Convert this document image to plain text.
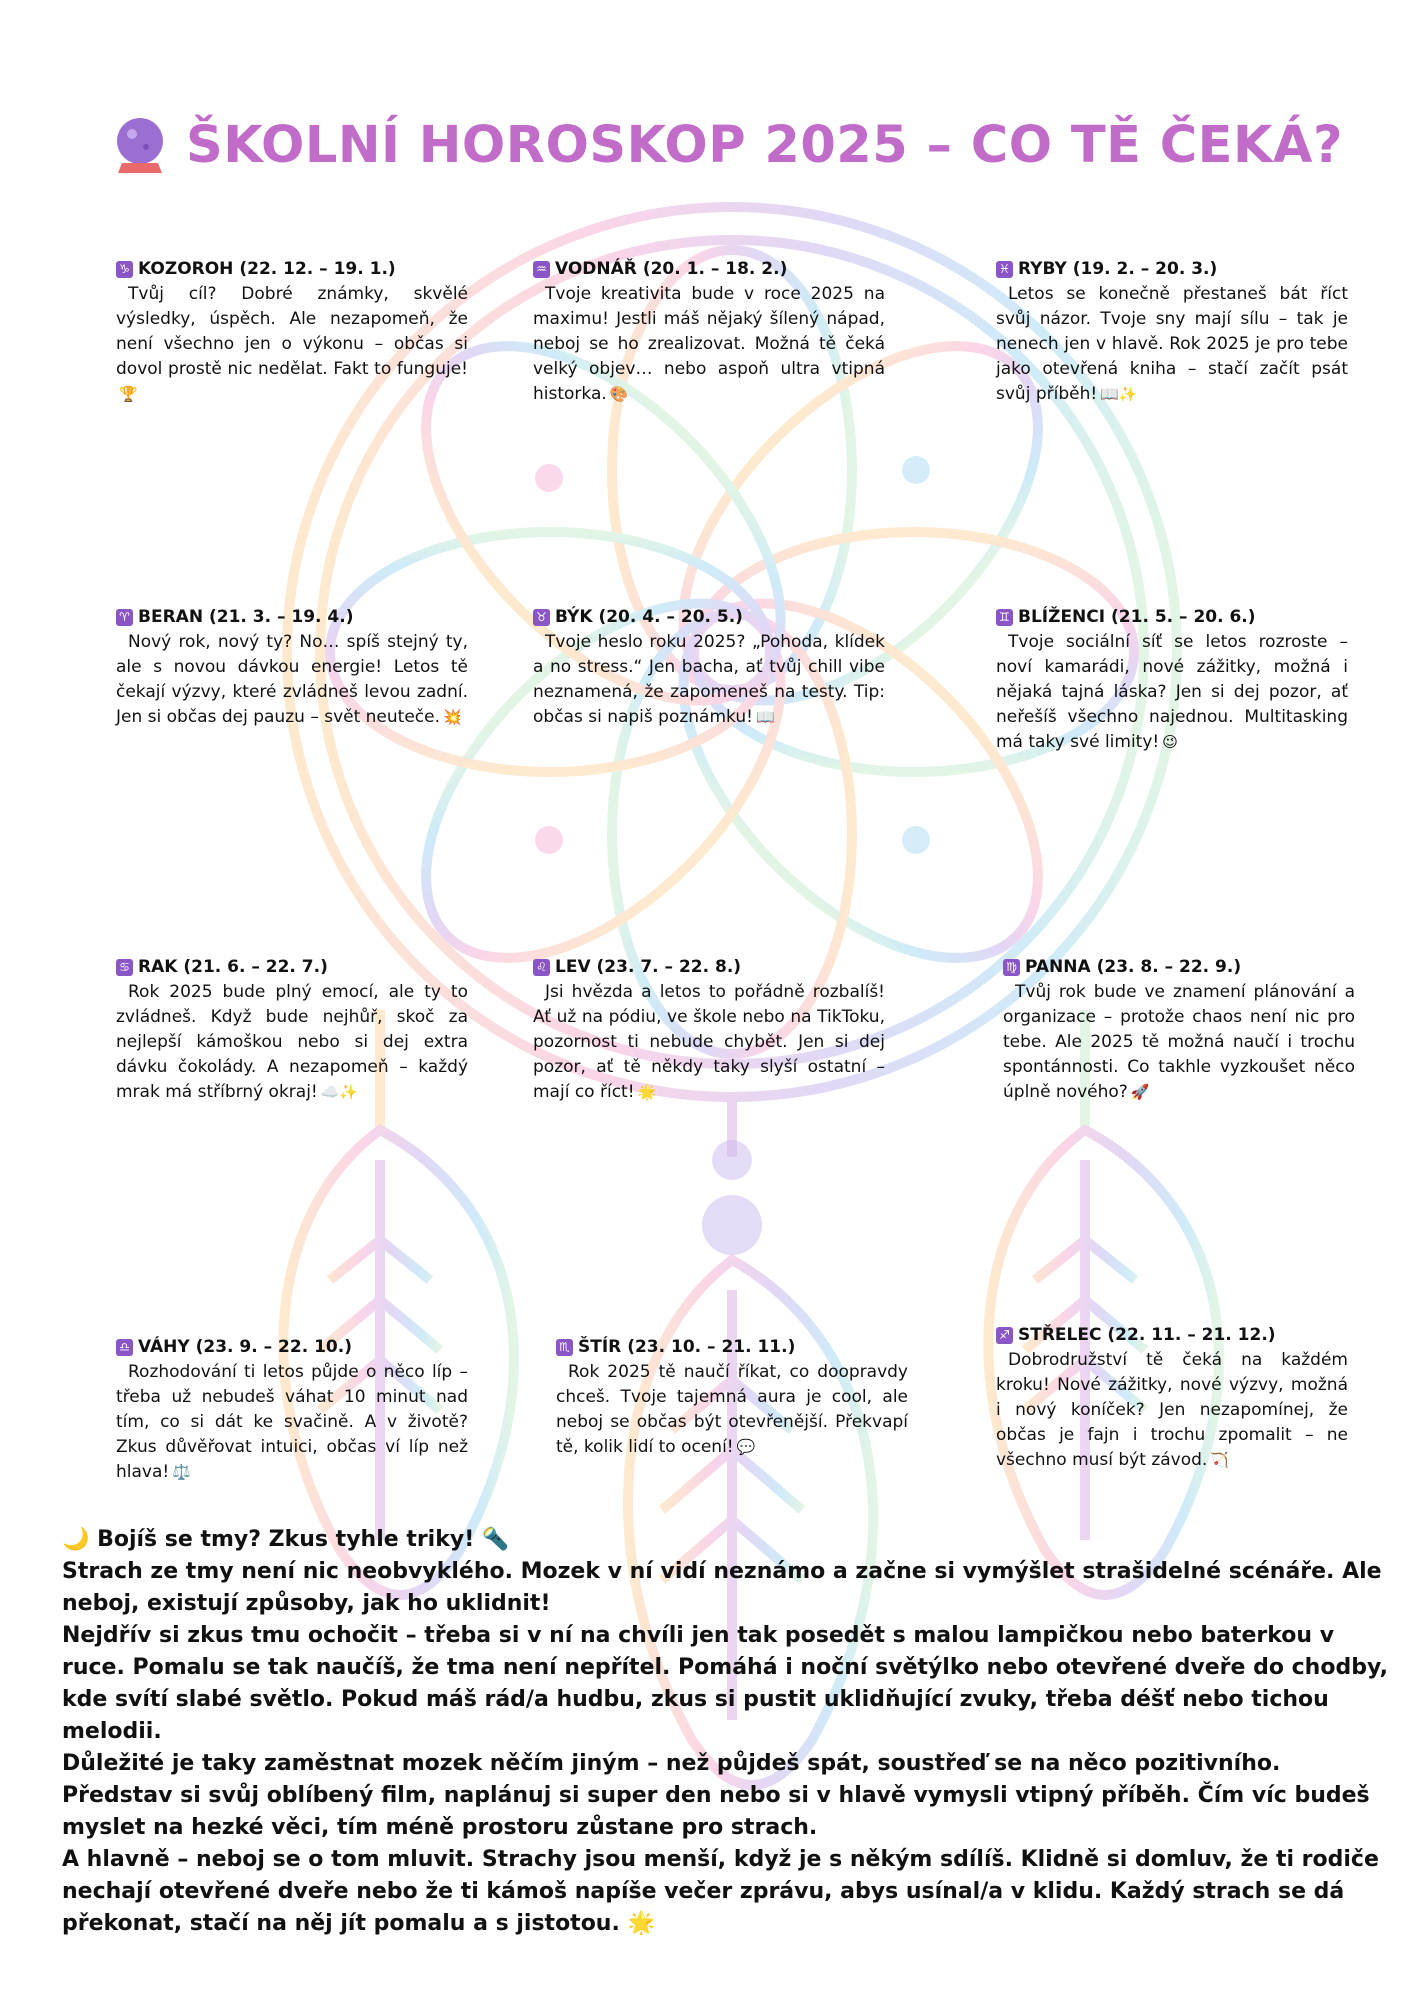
ŠKOLNÍ HOROSKOP 2025 – CO TĚ ČEKÁ?
♑ KOZOROH
(22. 12. – 19. 1.)
Tvůj cíl? Dobré známky, skvělé výsledky, úspěch. Ale nezapomeň, že není všechno jen o výkonu – občas si dovol prostě nic nedělat. Fakt to funguje!🏆
♒ VODNÁŘ
(20. 1. – 18. 2.)
Tvoje kreativita bude v roce 2025 na maximu! Jestli máš nějaký šílený nápad, neboj se ho zrealizovat. Možná tě čeká velký objev… nebo aspoň ultra vtipná historka. 🎨
♓ RYBY
(19. 2. – 20. 3.)
Letos se konečně přestaneš bát říct svůj názor. Tvoje sny mají sílu – tak je nenech jen v hlavě. Rok 2025 je pro tebe jako otevřená kniha – stačí začít psát svůj příběh! 📖✨
♈ BERAN
(21. 3. – 19. 4.)
Nový rok, nový ty? No… spíš stejný ty, ale s novou dávkou energie! Letos tě čekají výzvy, které zvládneš levou zadní. Jen si občas dej pauzu – svět neuteče. 💥
♉ BÝK
(20. 4. – 20. 5.)
Tvoje heslo roku 2025? „Pohoda, klídek a no stress.“ Jen bacha, ať tvůj chill vibe neznamená, že zapomeneš na testy. Tip: občas si napiš poznámku! 📖
♊ BLÍŽENCI
(21. 5. – 20. 6.)
Tvoje sociální síť se letos rozroste – noví kamarádi, nové zážitky, možná i nějaká tajná láska? Jen si dej pozor, ať neřešíš všechno najednou. Multitasking má taky své limity! 😉
♋ RAK
(21. 6. – 22. 7.)
Rok 2025 bude plný emocí, ale ty to zvládneš. Když bude nejhůř, skoč za nejlepší kámoškou nebo si dej extra dávku čokolády. A nezapomeň – každý mrak má stříbrný okraj! ☁️✨
♌ LEV
(23. 7. – 22. 8.)
Jsi hvězda a letos to pořádně rozbalíš! Ať už na pódiu, ve škole nebo na TikToku, pozornost ti nebude chybět. Jen si dej pozor, ať tě někdy taky slyší ostatní – mají co říct! 🌟
♍ PANNA
(23. 8. – 22. 9.)
Tvůj rok bude ve znamení plánování a organizace – protože chaos není nic pro tebe. Ale 2025 tě možná naučí i trochu spontánnosti. Co takhle vyzkoušet něco úplně nového? 🚀
♎ VÁHY
(23. 9. – 22. 10.)
Rozhodování ti letos půjde o něco líp – třeba už nebudeš váhat 10 minut nad tím, co si dát ke svačině. A v životě? Zkus důvěřovat intuici, občas ví líp než hlava! ⚖️
♏ ŠTÍR
(23. 10. – 21. 11.)
Rok 2025 tě naučí říkat, co doopravdy chceš. Tvoje tajemná aura je cool, ale neboj se občas být otevřenější. Překvapí tě, kolik lidí to ocení! 💬
♐ STŘELEC
(22. 11. – 21. 12.)
Dobrodružství tě čeká na každém kroku! Nové zážitky, nové výzvy, možná i nový koníček? Jen nezapomínej, že občas je fajn i trochu zpomalit – ne všechno musí být závod. 🏹

🌙
Bojíš se tmy? Zkus tyhle triky!
🔦

Strach ze tmy není nic neobvyklého. Mozek v ní vidí neznámo a začne si vymýšlet strašidelné scénáře. Ale neboj, existují způsoby, jak ho uklidnit!

Nejdřív si zkus tmu ochočit – třeba si v ní na chvíli jen tak posedět s malou lampičkou nebo baterkou v ruce. Pomalu se tak naučíš, že tma není nepřítel. Pomáhá i noční světýlko nebo otevřené dveře do chodby, kde svítí slabé světlo. Pokud máš rád/a hudbu, zkus si pustit uklidňující zvuky, třeba déšť nebo tichou melodii.

Důležité je taky zaměstnat mozek něčím jiným – než půjdeš spát, soustřeď se na něco pozitivního. Představ si svůj oblíbený film, naplánuj si super den nebo si v hlavě vymysli vtipný příběh. Čím víc budeš myslet na hezké věci, tím méně prostoru zůstane pro strach.

A hlavně – neboj se o tom mluvit. Strachy jsou menší, když je s někým sdílíš. Klidně si domluv, že ti rodiče nechají otevřené dveře nebo že ti kámoš napíše večer zprávu, abys usínal/a v klidu. Každý strach se dá překonat, stačí na něj jít pomalu a s jistotou. 🌟
